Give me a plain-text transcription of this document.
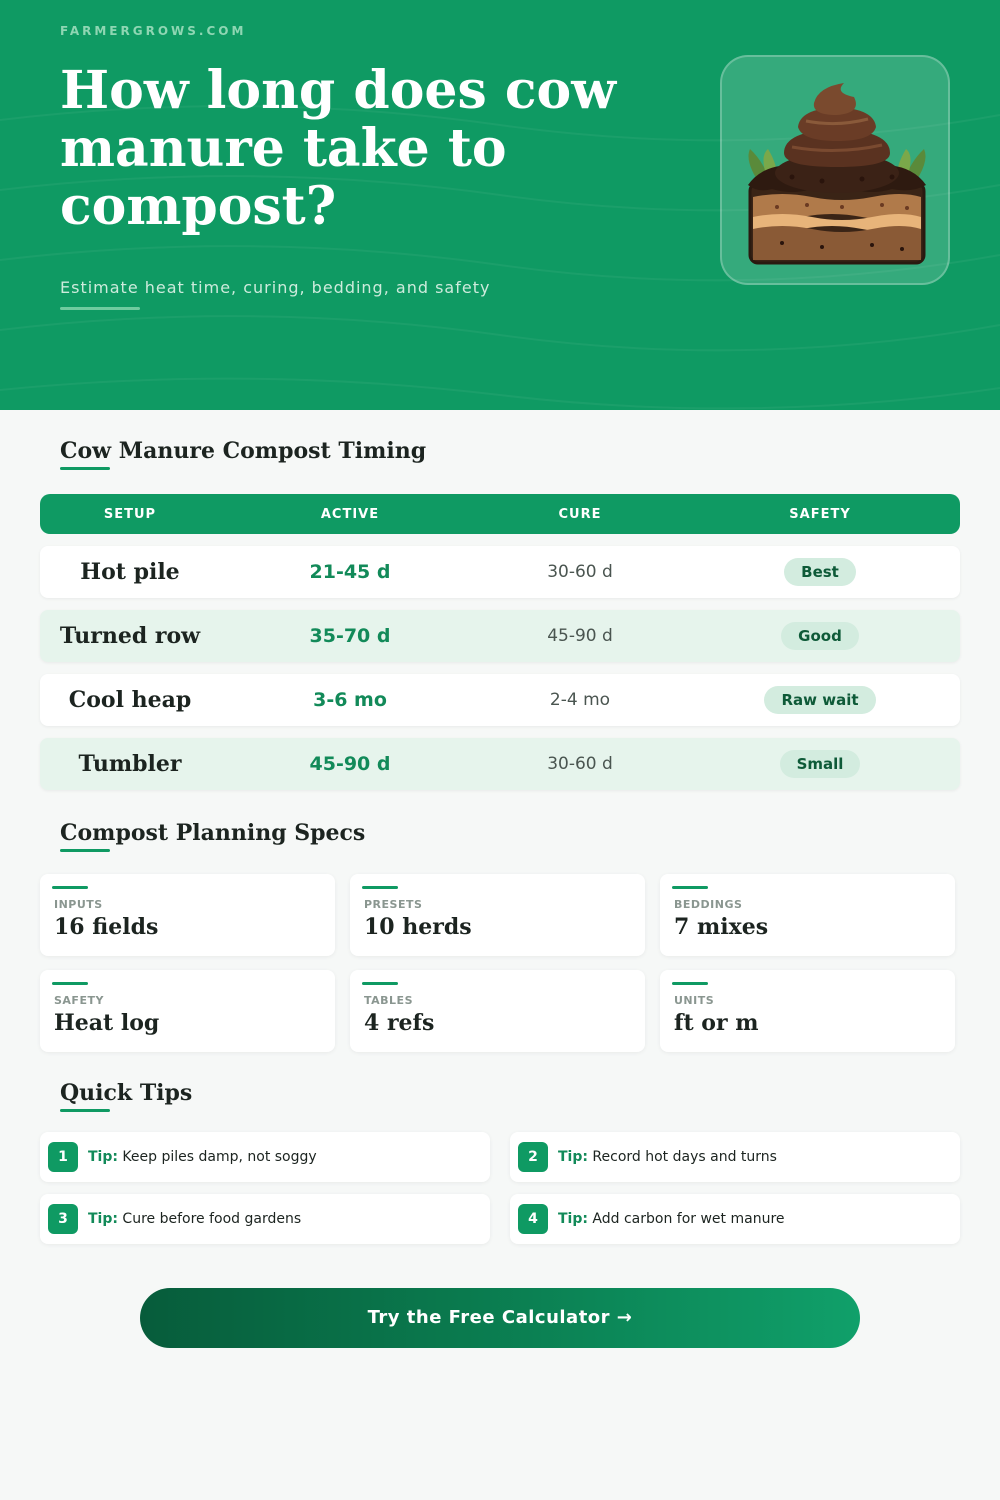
FARMERGROWS.COM
How long does cow manure take to compost?
Estimate heat time, curing, bedding, and safety
Cow Manure Compost Timing
SETUP	ACTIVE	CURE	SAFETY
Hot pile	21-45 d	30-60 d	Best
Turned row	35-70 d	45-90 d	Good
Cool heap	3-6 mo	2-4 mo	Raw wait
Tumbler	45-90 d	30-60 d	Small
Compost Planning Specs
INPUTS
16 fields
PRESETS
10 herds
BEDDINGS
7 mixes
SAFETY
Heat log
TABLES
4 refs
UNITS
ft or m
Quick Tips
1	Tip: Keep piles damp, not soggy	2	Tip: Record hot days and turns
3	Tip: Cure before food gardens	4	Tip: Add carbon for wet manure
Try the Free Calculator →
